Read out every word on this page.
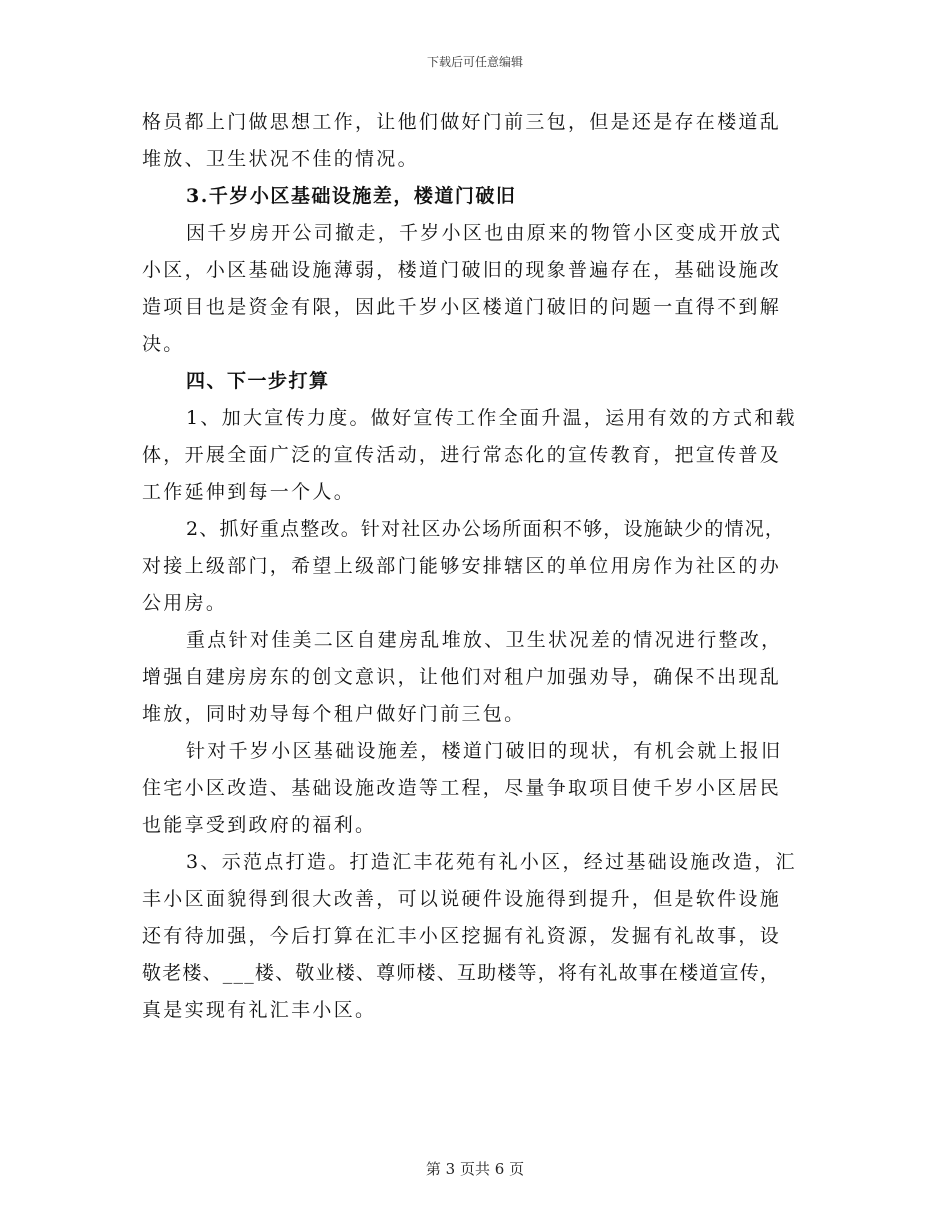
下载后可任意编辑

格员都上门做思想工作，让他们做好门前三包，但是还是存在楼道乱
堆放、卫生状况不佳的情况。

3.千岁小区基础设施差，楼道门破旧

因千岁房开公司撤走，千岁小区也由原来的物管小区变成开放式
小区，小区基础设施薄弱，楼道门破旧的现象普遍存在，基础设施改
造项目也是资金有限，因此千岁小区楼道门破旧的问题一直得不到解
决。

四、下一步打算

1、加大宣传力度。做好宣传工作全面升温，运用有效的方式和载
体，开展全面广泛的宣传活动，进行常态化的宣传教育，把宣传普及
工作延伸到每一个人。

2、抓好重点整改。针对社区办公场所面积不够，设施缺少的情况，
对接上级部门，希望上级部门能够安排辖区的单位用房作为社区的办
公用房。

重点针对佳美二区自建房乱堆放、卫生状况差的情况进行整改，
增强自建房房东的创文意识，让他们对租户加强劝导，确保不出现乱
堆放，同时劝导每个租户做好门前三包。

针对千岁小区基础设施差，楼道门破旧的现状，有机会就上报旧
住宅小区改造、基础设施改造等工程，尽量争取项目使千岁小区居民
也能享受到政府的福利。

3、示范点打造。打造汇丰花苑有礼小区，经过基础设施改造，汇
丰小区面貌得到很大改善，可以说硬件设施得到提升，但是软件设施
还有待加强，今后打算在汇丰小区挖掘有礼资源，发掘有礼故事，设
敬老楼、___楼、敬业楼、尊师楼、互助楼等，将有礼故事在楼道宣传，
真是实现有礼汇丰小区。

第 3 页共 6 页
